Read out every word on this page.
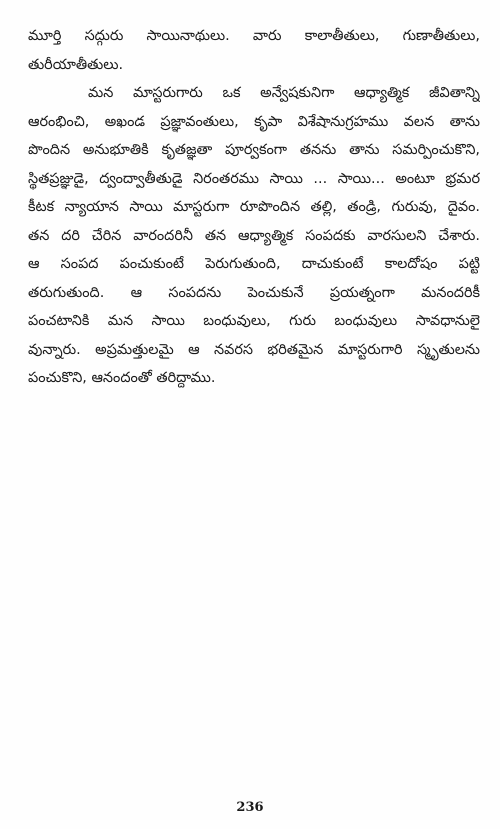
మూర్తి సద్గురు సాయినాథులు. వారు కాలాతీతులు, గుణాతీతులు,
తురీయాతీతులు.
మన మాస్టరుగారు ఒక అన్వేషకునిగా ఆధ్యాత్మిక జీవితాన్ని
ఆరంభించి, అఖండ ప్రజ్ఞావంతులు, కృపా విశేషానుగ్రహము వలన తాను
పొందిన అనుభూతికి కృతజ్ఞతా పూర్వకంగా తనను తాను సమర్పించుకొని,
స్థితప్రజ్ఞుడై, ద్వంద్వాతీతుడై నిరంతరము సాయి ... సాయి... అంటూ భ్రమర
కీటక న్యాయాన సాయి మాస్టరుగా రూపొందిన తల్లి, తండ్రి, గురువు, దైవం.
తన దరి చేరిన వారందరినీ తన ఆధ్యాత్మిక సంపదకు వారసులని చేశారు.
ఆ సంపద పంచుకుంటే పెరుగుతుంది, దాచుకుంటే కాలదోషం పట్టి
తరుగుతుంది. ఆ సంపదను పెంచుకునే ప్రయత్నంగా మనందరికీ
పంచటానికి మన సాయి బంధువులు, గురు బంధువులు సావధానులై
వున్నారు. అప్రమత్తులమై ఆ నవరస భరితమైన మాస్టరుగారి స్మృతులను
పంచుకొని, ఆనందంతో తరిద్దాము.
236
